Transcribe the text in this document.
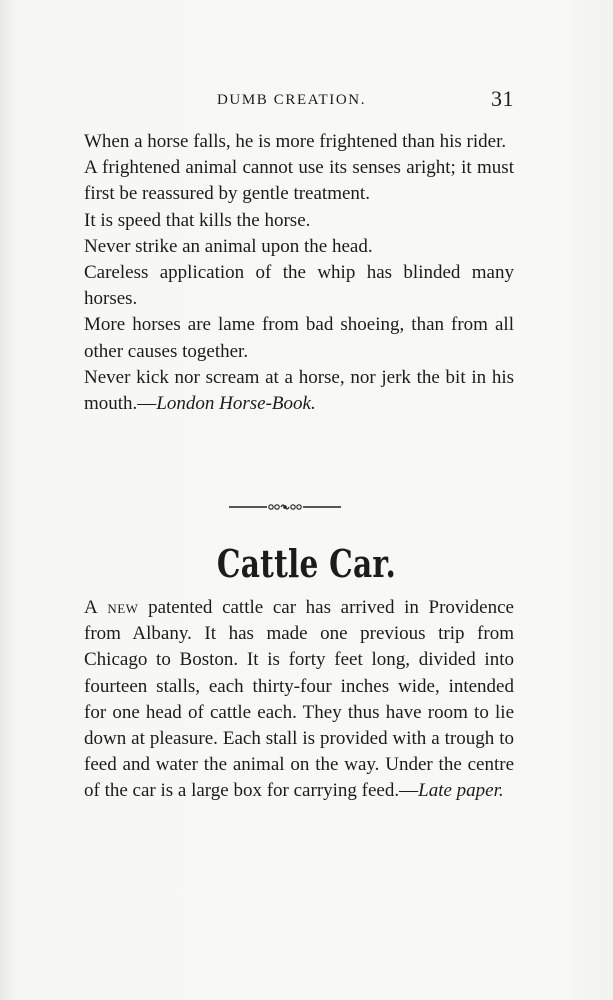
DUMB CREATION.	31

When a horse falls, he is more frightened than his rider.

A frightened animal cannot use its senses aright; it must first be reassured by gentle treatment.

It is speed that kills the horse.

Never strike an animal upon the head.

Careless application of the whip has blinded many horses.

More horses are lame from bad shoeing, than from all other causes together.

Never kick nor scream at a horse, nor jerk the bit in his mouth.—London Horse-Book.

Cattle Car.

A new patented cattle car has arrived in Providence from Albany. It has made one previous trip from Chicago to Boston. It is forty feet long, divided into fourteen stalls, each thirty-four inches wide, intended for one head of cattle each. They thus have room to lie down at pleasure. Each stall is provided with a trough to feed and water the animal on the way. Under the centre of the car is a large box for carrying feed.—Late paper.
